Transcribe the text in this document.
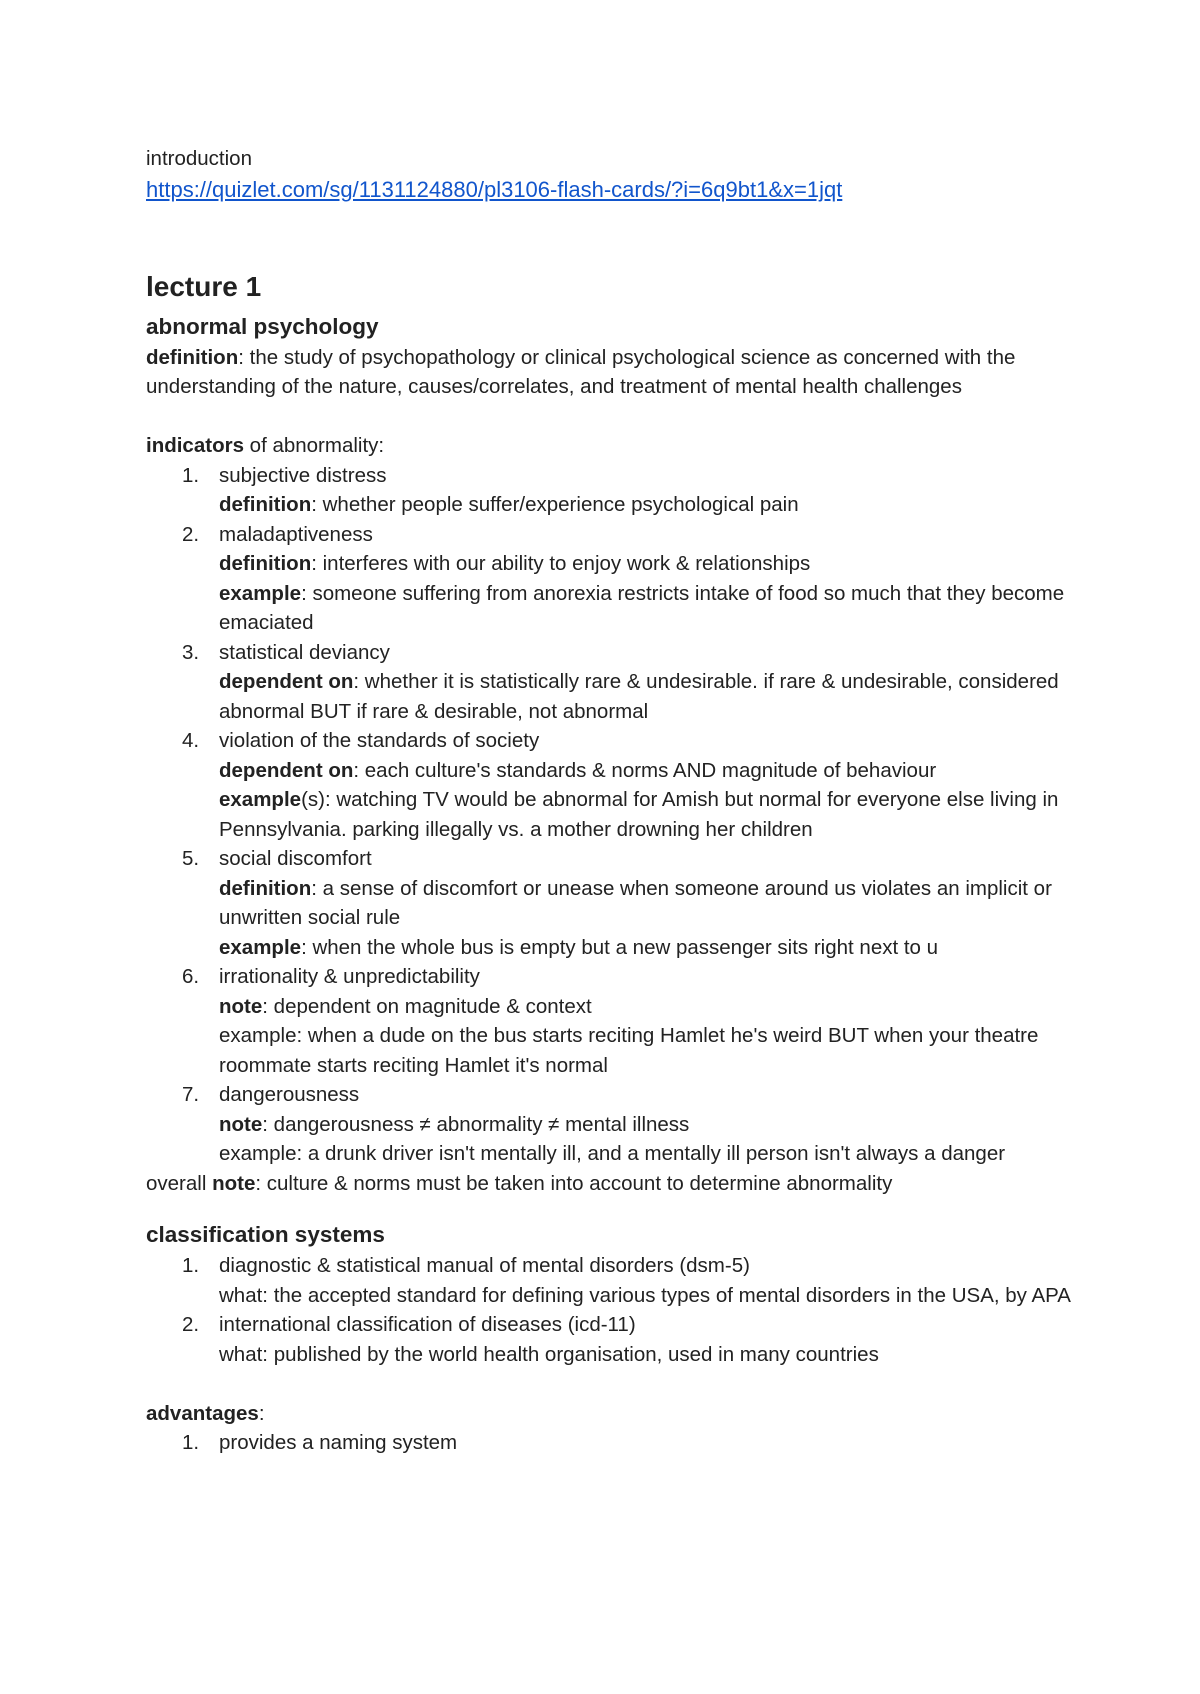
introduction
https://quizlet.com/sg/1131124880/pl3106-flash-cards/?i=6q9bt1&x=1jqt
lecture 1
abnormal psychology

definition: the study of psychopathology or clinical psychological science as concerned with the understanding of the nature, causes/correlates, and treatment of mental health challenges

indicators of abnormality:

1. subjective distress
definition: whether people suffer/experience psychological pain
2. maladaptiveness
definition: interferes with our ability to enjoy work & relationships
example: someone suffering from anorexia restricts intake of food so much that they become emaciated
3. statistical deviancy
dependent on: whether it is statistically rare & undesirable. if rare & undesirable, considered abnormal BUT if rare & desirable, not abnormal
4. violation of the standards of society
dependent on: each culture's standards & norms AND magnitude of behaviour
example(s): watching TV would be abnormal for Amish but normal for everyone else living in Pennsylvania. parking illegally vs. a mother drowning her children
5. social discomfort
definition: a sense of discomfort or unease when someone around us violates an implicit or unwritten social rule
example: when the whole bus is empty but a new passenger sits right next to u
6. irrationality & unpredictability
note: dependent on magnitude & context
example: when a dude on the bus starts reciting Hamlet he's weird BUT when your theatre roommate starts reciting Hamlet it's normal
7. dangerousness
note: dangerousness ≠ abnormality ≠ mental illness
example: a drunk driver isn't mentally ill, and a mentally ill person isn't always a danger

overall note: culture & norms must be taken into account to determine abnormality

classification systems
1. diagnostic & statistical manual of mental disorders (dsm-5)
what: the accepted standard for defining various types of mental disorders in the USA, by APA
2. international classification of diseases (icd-11)
what: published by the world health organisation, used in many countries

advantages:

1. provides a naming system
